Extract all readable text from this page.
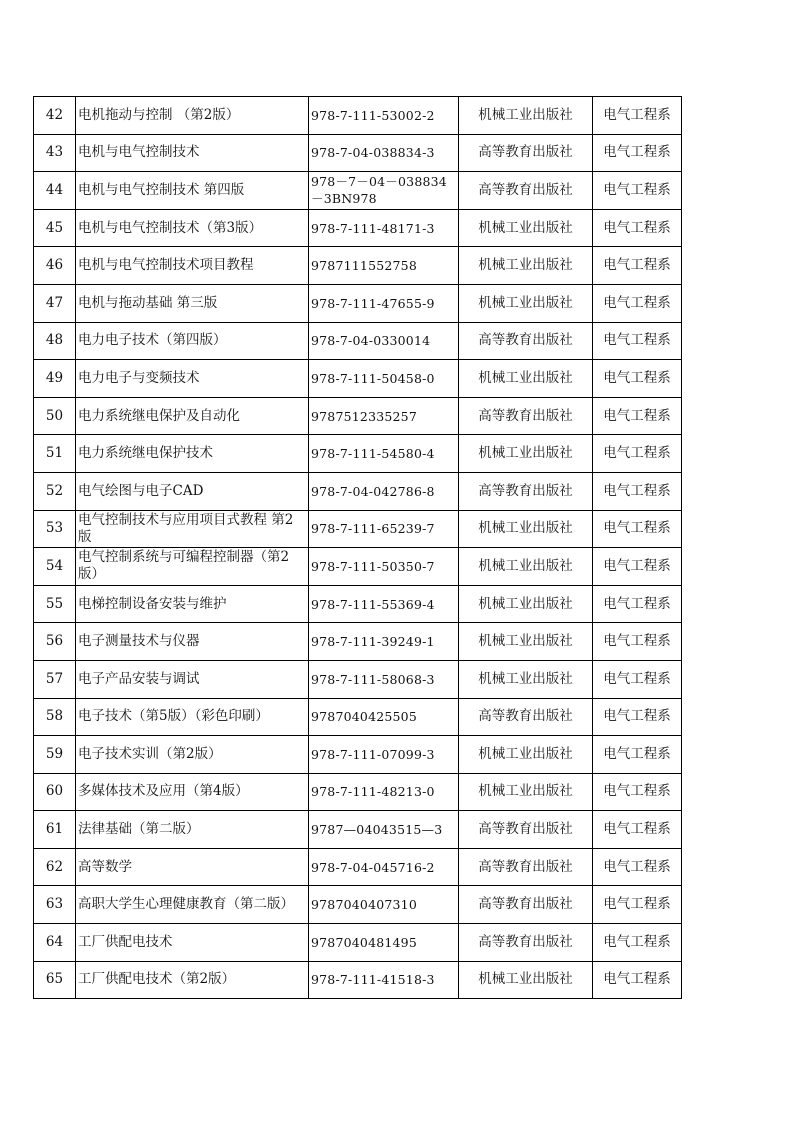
42	电机拖动与控制 （第2版）	978-7-111-53002-2	机械工业出版社	电气工程系
43	电机与电气控制技术	978-7-04-038834-3	高等教育出版社	电气工程系
44	电机与电气控制技术 第四版	978－7－04－038834－3BN978	高等教育出版社	电气工程系
45	电机与电气控制技术（第3版）	978-7-111-48171-3	机械工业出版社	电气工程系
46	电机与电气控制技术项目教程	9787111552758	机械工业出版社	电气工程系
47	电机与拖动基础 第三版	978-7-111-47655-9	机械工业出版社	电气工程系
48	电力电子技术（第四版）	978-7-04-0330014	高等教育出版社	电气工程系
49	电力电子与变频技术	978-7-111-50458-0	机械工业出版社	电气工程系
50	电力系统继电保护及自动化	9787512335257	高等教育出版社	电气工程系
51	电力系统继电保护技术	978-7-111-54580-4	机械工业出版社	电气工程系
52	电气绘图与电子CAD	978-7-04-042786-8	高等教育出版社	电气工程系
53	电气控制技术与应用项目式教程 第2版	978-7-111-65239-7	机械工业出版社	电气工程系
54	电气控制系统与可编程控制器（第2版）	978-7-111-50350-7	机械工业出版社	电气工程系
55	电梯控制设备安装与维护	978-7-111-55369-4	机械工业出版社	电气工程系
56	电子测量技术与仪器	978-7-111-39249-1	机械工业出版社	电气工程系
57	电子产品安装与调试	978-7-111-58068-3	机械工业出版社	电气工程系
58	电子技术（第5版）（彩色印刷）	9787040425505	高等教育出版社	电气工程系
59	电子技术实训（第2版）	978-7-111-07099-3	机械工业出版社	电气工程系
60	多媒体技术及应用（第4版）	978-7-111-48213-0	机械工业出版社	电气工程系
61	法律基础（第二版）	9787—04043515—3	高等教育出版社	电气工程系
62	高等数学	978-7-04-045716-2	高等教育出版社	电气工程系
63	高职大学生心理健康教育（第二版）	9787040407310	高等教育出版社	电气工程系
64	工厂供配电技术	9787040481495	高等教育出版社	电气工程系
65	工厂供配电技术（第2版）	978-7-111-41518-3	机械工业出版社	电气工程系
